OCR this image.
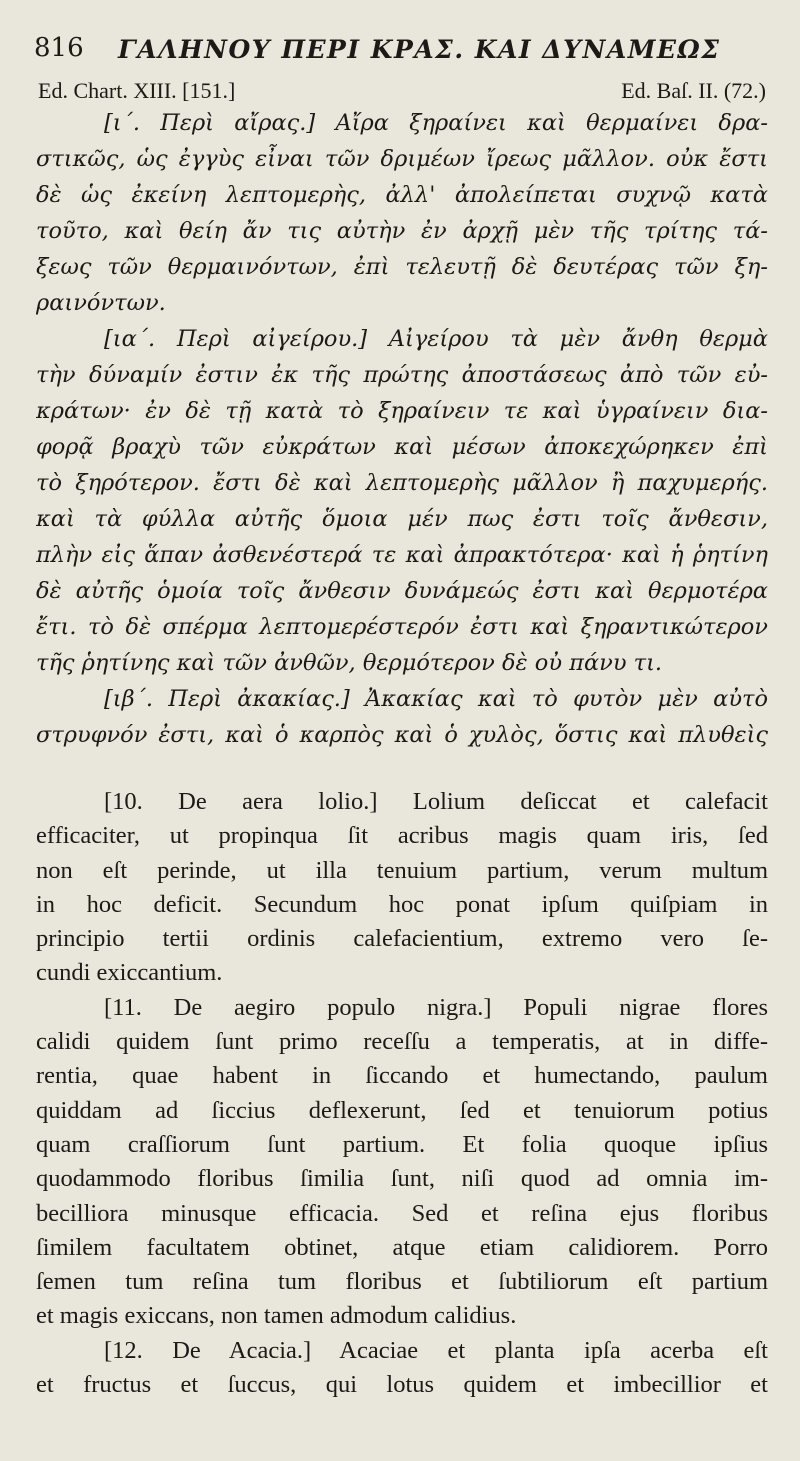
816 ΓΑΛΗΝΟΥ ΠΕΡΙ ΚΡΑΣ. ΚΑΙ ΔΥΝΑΜΕΩΣ
Ed. Chart. XIII. [151.]	Ed. Baſ. II. (72.)
[ι΄. Περὶ αἴρας.] Αἴρα ξηραίνει καὶ θερμαίνει δρα-
στικῶς, ὡς ἐγγὺς εἶναι τῶν δριμέων ἴρεως μᾶλλον. οὐκ ἔστι
δὲ ὡς ἐκείνη λεπτομερὴς, ἀλλ' ἀπολείπεται συχνῷ κατὰ
τοῦτο, καὶ θείη ἄν τις αὐτὴν ἐν ἀρχῇ μὲν τῆς τρίτης τά-
ξεως τῶν θερμαινόντων, ἐπὶ τελευτῇ δὲ δευτέρας τῶν ξη-
ραινόντων.
[ια΄. Περὶ αἰγείρου.] Αἰγείρου τὰ μὲν ἄνθη θερμὰ
τὴν δύναμίν ἐστιν ἐκ τῆς πρώτης ἀποστάσεως ἀπὸ τῶν εὐ-
κράτων· ἐν δὲ τῇ κατὰ τὸ ξηραίνειν τε καὶ ὑγραίνειν δια-
φορᾷ βραχὺ τῶν εὐκράτων καὶ μέσων ἀποκεχώρηκεν ἐπὶ
τὸ ξηρότερον. ἔστι δὲ καὶ λεπτομερὴς μᾶλλον ἢ παχυμερής.
καὶ τὰ φύλλα αὐτῆς ὅμοια μέν πως ἐστι τοῖς ἄνθεσιν,
πλὴν εἰς ἅπαν ἀσθενέστερά τε καὶ ἀπρακτότερα· καὶ ἡ ῥητίνη
δὲ αὐτῆς ὁμοία τοῖς ἄνθεσιν δυνάμεώς ἐστι καὶ θερμοτέρα
ἔτι. τὸ δὲ σπέρμα λεπτομερέστερόν ἐστι καὶ ξηραντικώτερον
τῆς ῥητίνης καὶ τῶν ἀνθῶν, θερμότερον δὲ οὐ πάνυ τι.
[ιβ΄. Περὶ ἀκακίας.] Ἀκακίας καὶ τὸ φυτὸν μὲν αὐτὸ
στρυφνόν ἐστι, καὶ ὁ καρπὸς καὶ ὁ χυλὸς, ὅστις καὶ πλυθεὶς
[10. De aera lolio.] Lolium deſiccat et calefacit
efficaciter, ut propinqua ſit acribus magis quam iris, ſed
non eſt perinde, ut illa tenuium partium, verum multum
in hoc deficit. Secundum hoc ponat ipſum quiſpiam in
principio tertii ordinis calefacientium, extremo vero ſe-
cundi exiccantium.
[11. De aegiro populo nigra.] Populi nigrae flores
calidi quidem ſunt primo receſſu a temperatis, at in diffe-
rentia, quae habent in ſiccando et humectando, paulum
quiddam ad ſiccius deflexerunt, ſed et tenuiorum potius
quam craſſiorum ſunt partium. Et folia quoque ipſius
quodammodo floribus ſimilia ſunt, niſi quod ad omnia im-
becilliora minusque efficacia. Sed et reſina ejus floribus
ſimilem facultatem obtinet, atque etiam calidiorem. Porro
ſemen tum reſina tum floribus et ſubtiliorum eſt partium
et magis exiccans, non tamen admodum calidius.
[12. De Acacia.] Acaciae et planta ipſa acerba eſt
et fructus et ſuccus, qui lotus quidem et imbecillior et
